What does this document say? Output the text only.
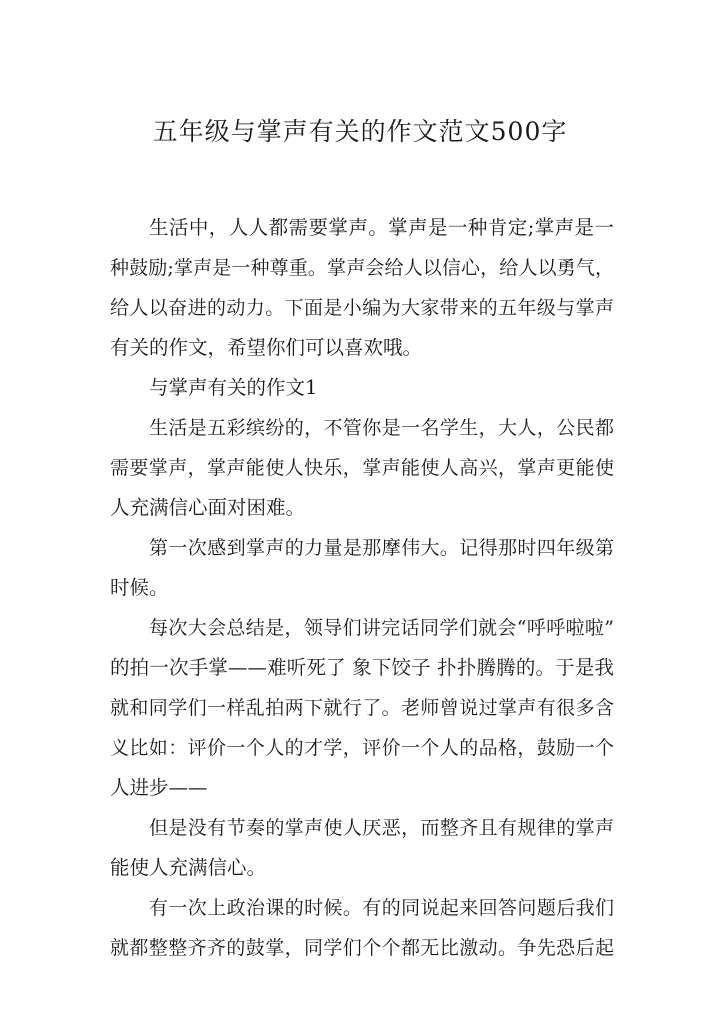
五年级与掌声有关的作文范文500字
生活中，人人都需要掌声。掌声是一种肯定;掌声是一
种鼓励;掌声是一种尊重。掌声会给人以信心，给人以勇气，
给人以奋进的动力。下面是小编为大家带来的五年级与掌声
有关的作文，希望你们可以喜欢哦。
与掌声有关的作文1
生活是五彩缤纷的，不管你是一名学生，大人，公民都
需要掌声，掌声能使人快乐，掌声能使人高兴，掌声更能使
人充满信心面对困难。
第一次感到掌声的力量是那摩伟大。记得那时四年级第
时候。
每次大会总结是，领导们讲完话同学们就会“呼呼啦啦”
的拍一次手掌——难听死了 象下饺子 扑扑腾腾的。于是我
就和同学们一样乱拍两下就行了。老师曾说过掌声有很多含
义比如：评价一个人的才学，评价一个人的品格，鼓励一个
人进步——
但是没有节奏的掌声使人厌恶，而整齐且有规律的掌声
能使人充满信心。
有一次上政治课的时候。有的同说起来回答问题后我们
就都整整齐齐的鼓掌，同学们个个都无比激动。争先恐后起
